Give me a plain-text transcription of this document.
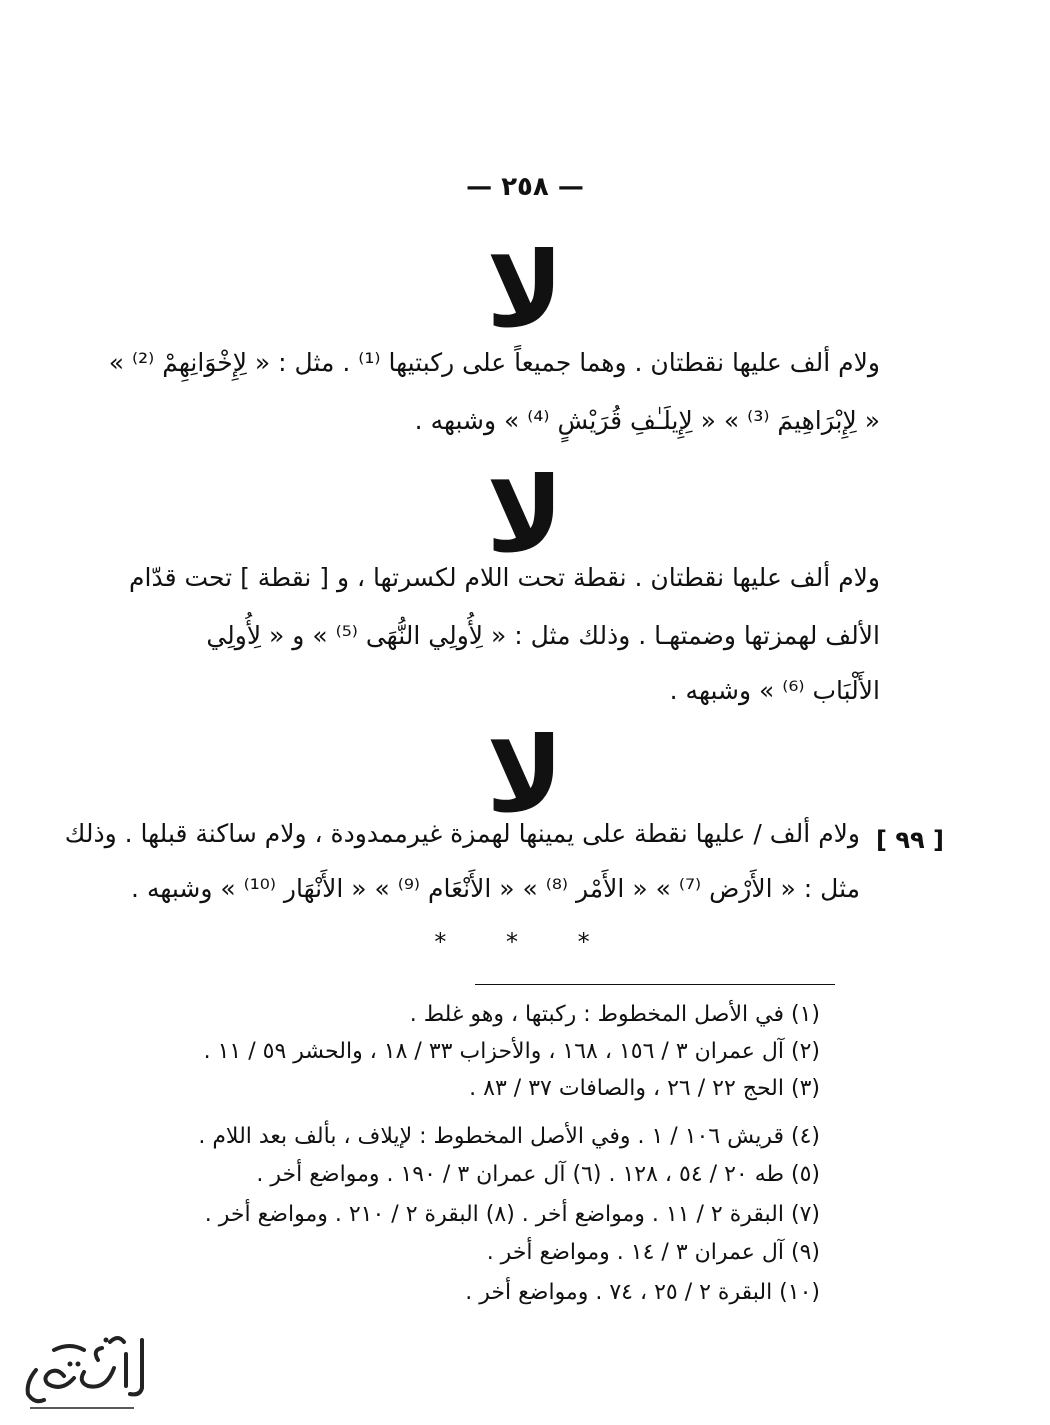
— ٢٥٨ —
لا
ولام ألف عليها نقطتان . وهما جميعاً على ركبتيها ⁽¹⁾ . مثل : « لِإِخْوَانِهِمْ ⁽²⁾ »
« لِإِبْرَاهِيمَ ⁽³⁾ » « لِإِيلَـٰفِ قُرَيْشٍ ⁽⁴⁾ » وشبهه .
لا
ولام ألف عليها نقطتان . نقطة تحت اللام لكسرتها ، و [ نقطة ] تحت قدّام
الألف لهمزتها وضمتهـا . وذلك مثل : « لِأُولِي النُّهَى ⁽⁵⁾ » و « لِأُولِي
الأَلْبَاب ⁽⁶⁾ » وشبهه .
لا
[ ٩٩ ]
ولام ألف / عليها نقطة على يمينها لهمزة غيرممدودة ، ولام ساكنة قبلها . وذلك
مثل : « الأَرْض ⁽⁷⁾ » « الأَمْر ⁽⁸⁾ » « الأَنْعَام ⁽⁹⁾ » « الأَنْهَار ⁽¹⁰⁾ » وشبهه .
* * *
(١) في الأصل المخطوط : ركبتها ، وهو غلط .
(٢) آل عمران ٣ / ١٥٦ ، ١٦٨ ، والأحزاب ٣٣ / ١٨ ، والحشر ٥٩ / ١١ .
(٣) الحج ٢٢ / ٢٦ ، والصافات ٣٧ / ٨٣ .
(٤) قريش ١٠٦ / ١ . وفي الأصل المخطوط : لإيلاف ، بألف بعد اللام .
(٥) طه ٢٠ / ٥٤ ، ١٢٨ . (٦) آل عمران ٣ / ١٩٠ . ومواضع أخر .
(٧) البقرة ٢ / ١١ . ومواضع أخر . (٨) البقرة ٢ / ٢١٠ . ومواضع أخر .
(٩) آل عمران ٣ / ١٤ . ومواضع أخر .
(١٠) البقرة ٢ / ٢٥ ، ٧٤ . ومواضع أخر .
